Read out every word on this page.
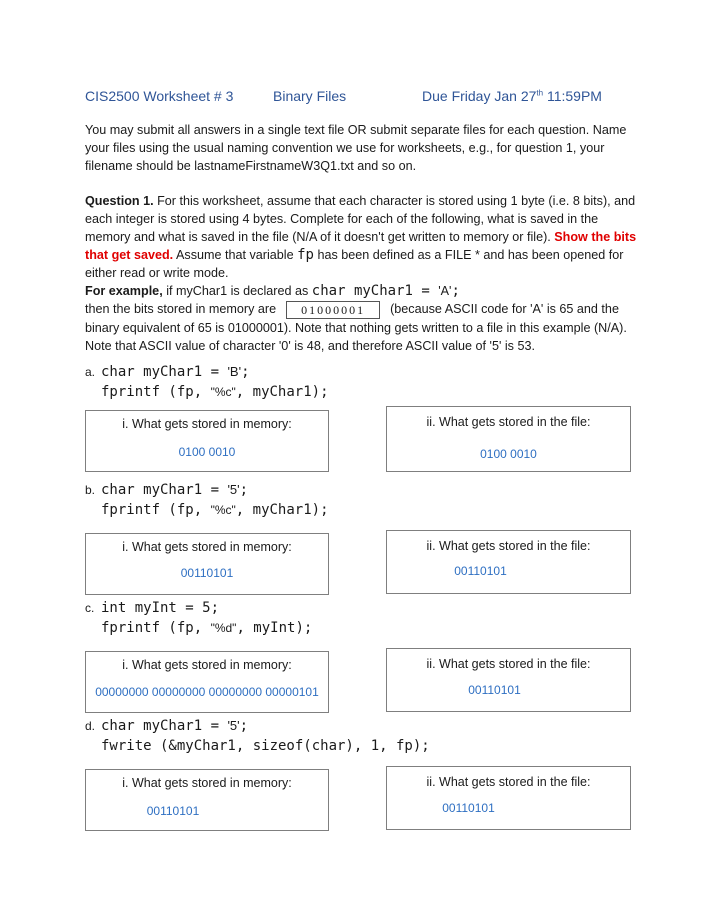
CIS2500 Worksheet # 3	Binary Files	Due Friday Jan 27th 11:59PM
You may submit all answers in a single text file OR submit separate files for each question. Name your files using the usual naming convention we use for worksheets, e.g., for question 1, your filename should be lastnameFirstnameW3Q1.txt and so on.
Question 1. For this worksheet, assume that each character is stored using 1 byte (i.e. 8 bits), and each integer is stored using 4 bytes. Complete for each of the following, what is saved in the memory and what is saved in the file (N/A of it doesn't get written to memory or file). Show the bits that get saved. Assume that variable fp has been defined as a FILE * and has been opened for either read or write mode.
For example, if myChar1 is declared as char myChar1 = 'A';
then the bits stored in memory are 01000001 (because ASCII code for 'A' is 65 and the binary equivalent of 65 is 01000001). Note that nothing gets written to a file in this example (N/A). Note that ASCII value of character '0' is 48, and therefore ASCII value of '5' is 53.
a. char myChar1 = 'B';
fprintf (fp, "%c", myChar1);
i. What gets stored in memory:
0100 0010
ii. What gets stored in the file:
0100 0010
b. char myChar1 = '5';
fprintf (fp, "%c", myChar1);
i. What gets stored in memory:
00110101
ii. What gets stored in the file:
00110101
c. int myInt = 5;
fprintf (fp, "%d", myInt);
i. What gets stored in memory:
00000000 00000000 00000000 00000101
ii. What gets stored in the file:
00110101
d. char myChar1 = '5';
fwrite (&myChar1, sizeof(char), 1, fp);
i. What gets stored in memory:
00110101
ii. What gets stored in the file:
00110101
